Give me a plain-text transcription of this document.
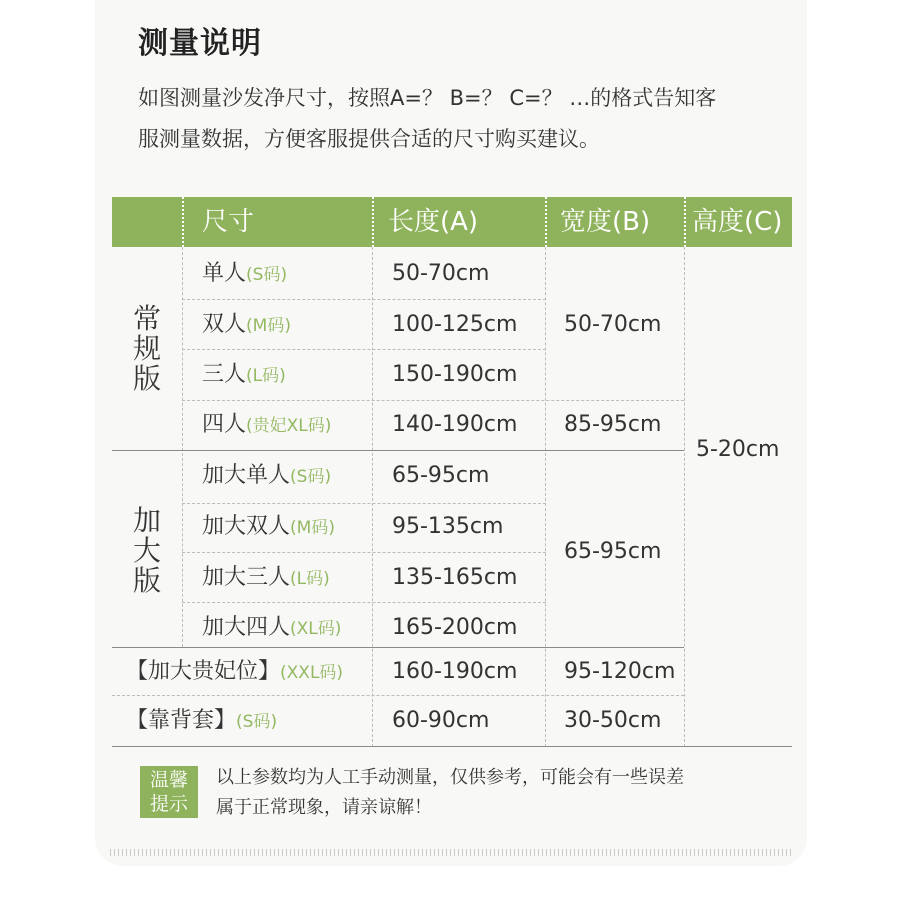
测量说明
如图测量沙发净尺寸，按照A=？ B=？ C=？ …的格式告知客
服测量数据，方便客服提供合适的尺寸购买建议。
尺寸	长度(A)	宽度(B) 高度(C)
常
规
版
加
大
版
单人(S码)
双人(M码)
三人(L码)
四人(贵妃XL码)
加大单人(S码)
加大双人(M码)
加大三人(L码)
加大四人(XL码)
【加大贵妃位】(XXL码)
【靠背套】(S码)
50-70cm
100-125cm
150-190cm
140-190cm
65-95cm
95-135cm
135-165cm
165-200cm
160-190cm
60-90cm
50-70cm
85-95cm
65-95cm
95-120cm
30-50cm
5-20cm
温馨
提示
以上参数均为人工手动测量，仅供参考，可能会有一些误差
属于正常现象，请亲谅解！
